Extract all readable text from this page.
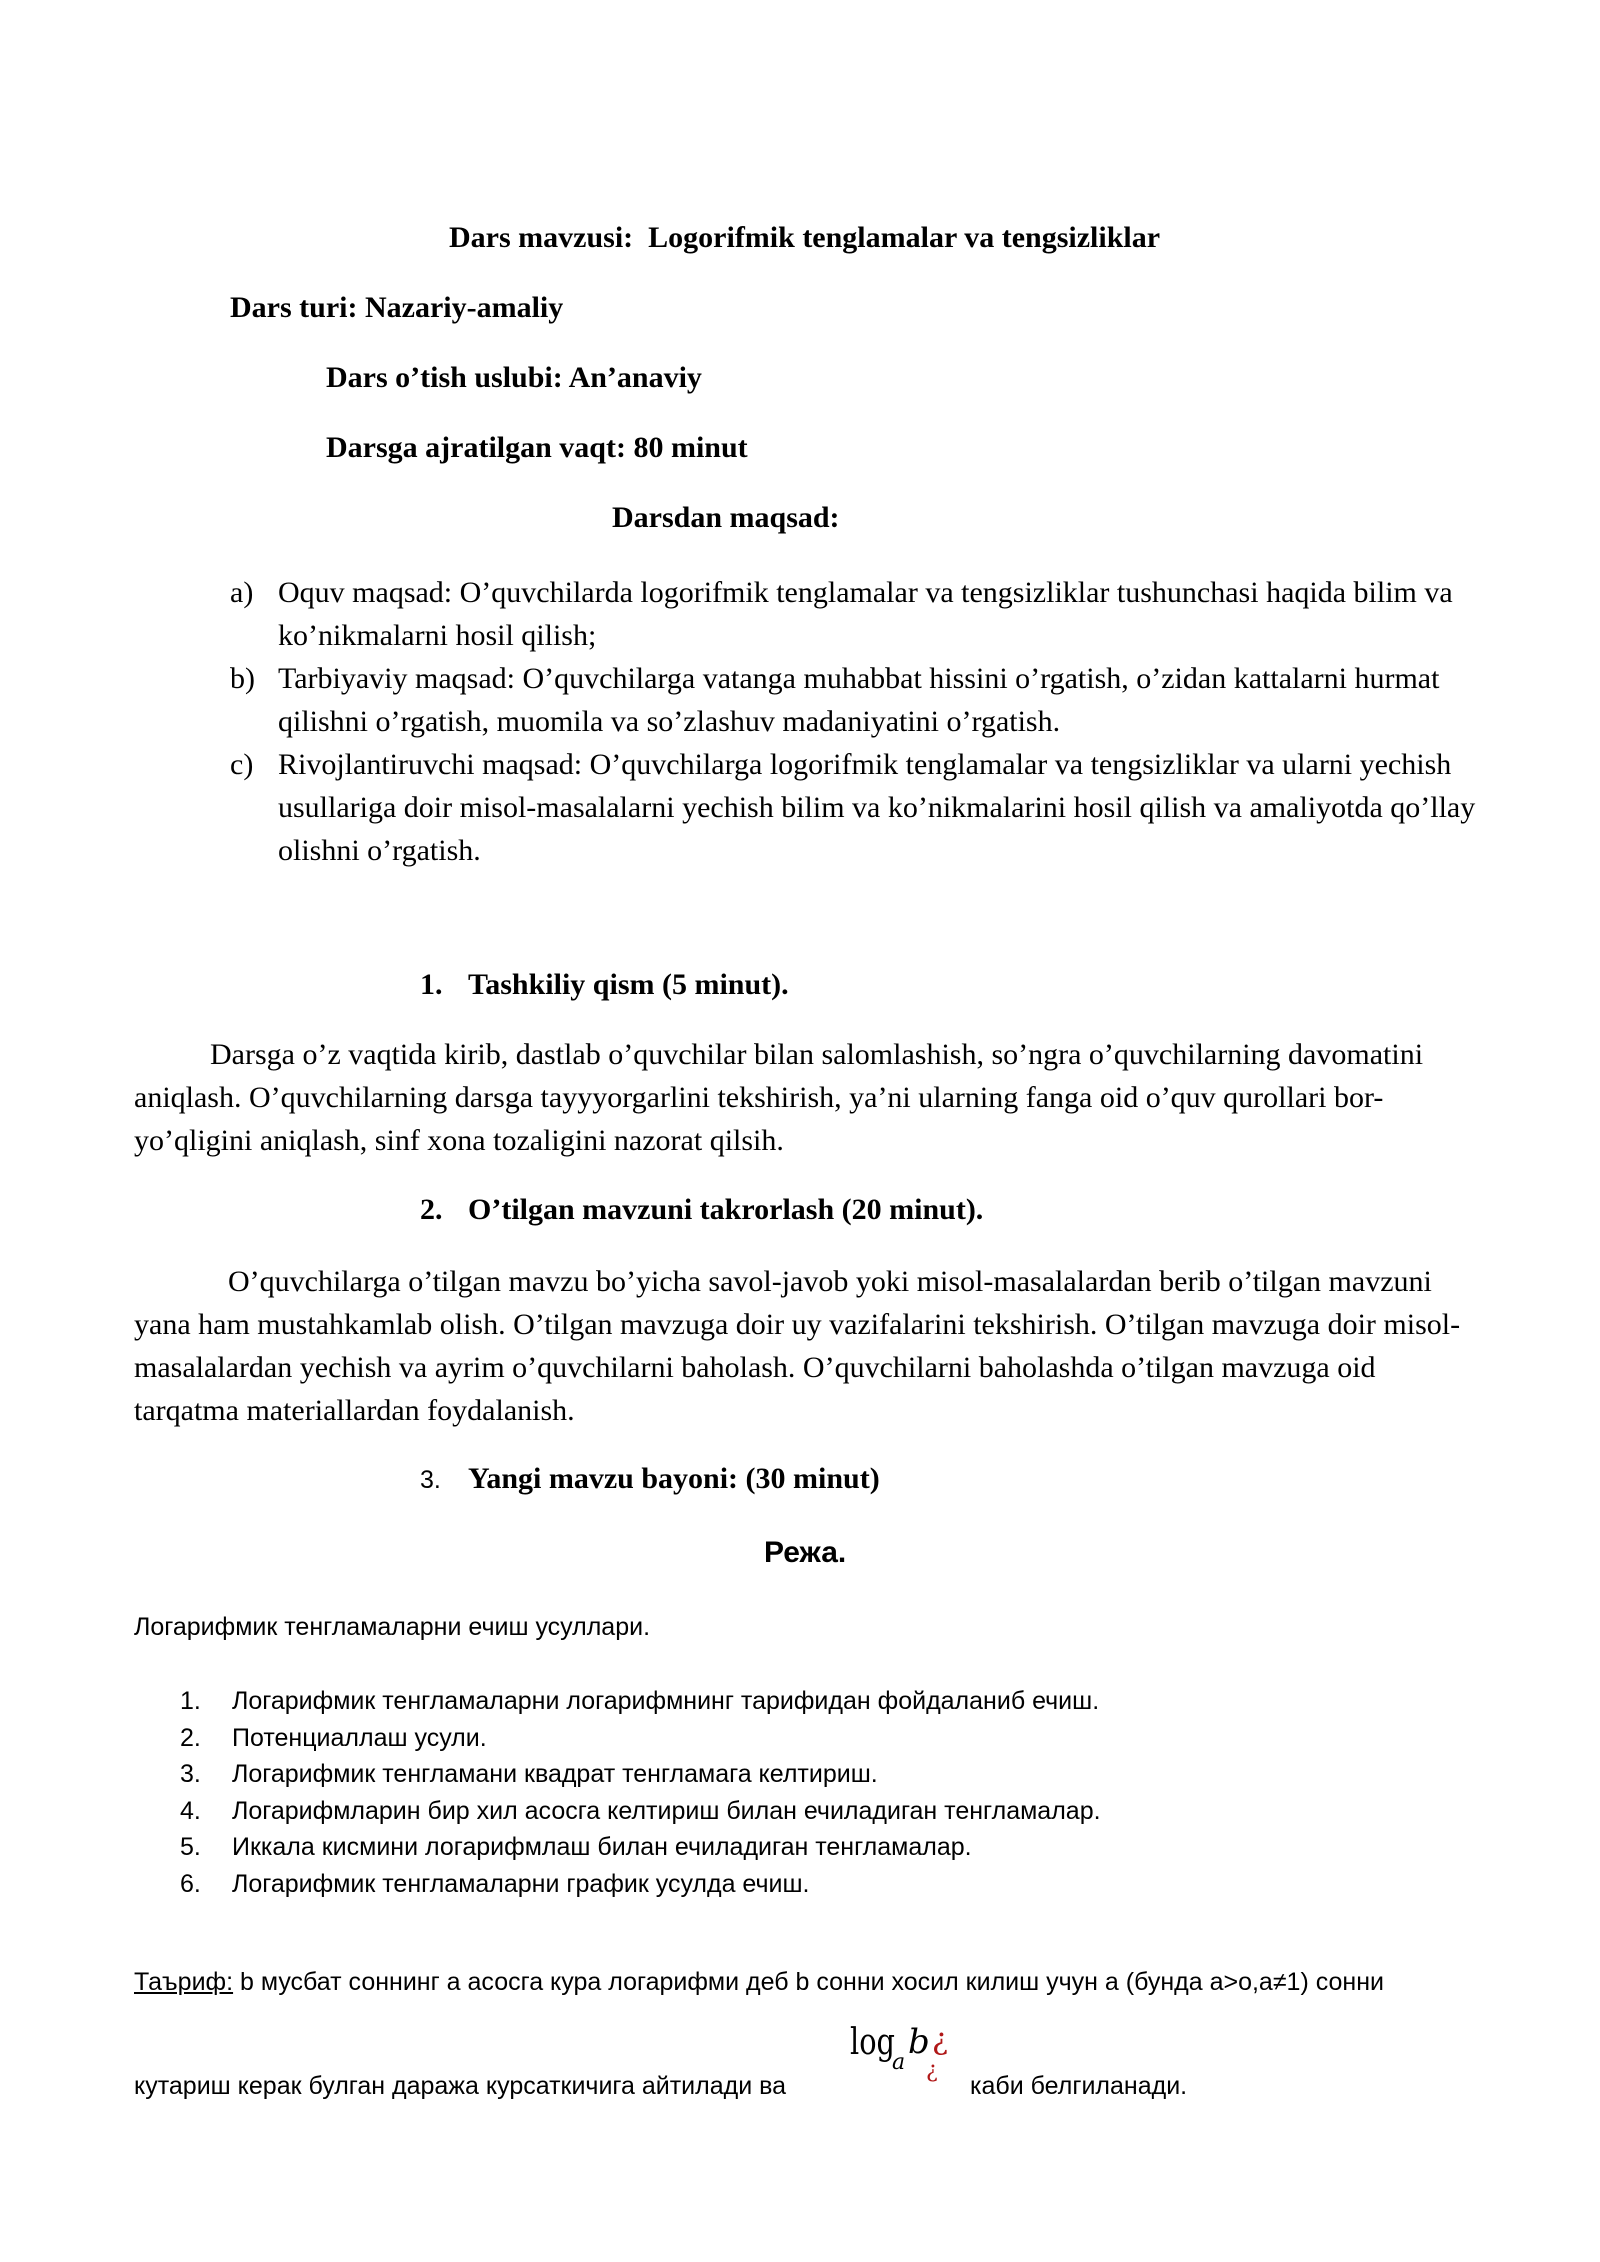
Dars mavzusi: Logorifmik tenglamalar va tengsizliklar
Dars turi: Nazariy-amaliy
Dars o’tish uslubi: An’anaviy
Darsga ajratilgan vaqt: 80 minut
Darsdan maqsad:
a) Oquv maqsad: O’quvchilarda logorifmik tenglamalar va tengsizliklar tushunchasi haqida bilim va ko’nikmalarni hosil qilish;
b) Tarbiyaviy maqsad: O’quvchilarga vatanga muhabbat hissini o’rgatish, o’zidan kattalarni hurmat qilishni o’rgatish, muomila va so’zlashuv madaniyatini o’rgatish.
c) Rivojlantiruvchi maqsad: O’quvchilarga logorifmik tenglamalar va tengsizliklar va ularni yechish usullariga doir misol-masalalarni yechish bilim va ko’nikmalarini hosil qilish va amaliyotda qo’llay olishni o’rgatish.
1. Tashkiliy qism (5 minut).
Darsga o’z vaqtida kirib, dastlab o’quvchilar bilan salomlashish, so’ngra o’quvchilarning davomatini aniqlash. O’quvchilarning darsga tayyyorgarlini tekshirish, ya’ni ularning fanga oid o’quv qurollari bor-yo’qligini aniqlash, sinf xona tozaligini nazorat qilsih.
2. O’tilgan mavzuni takrorlash (20 minut).
O’quvchilarga o’tilgan mavzu bo’yicha savol-javob yoki misol-masalalardan berib o’tilgan mavzuni yana ham mustahkamlab olish. O’tilgan mavzuga doir uy vazifalarini tekshirish. O’tilgan mavzuga doir misol-masalalardan yechish va ayrim o’quvchilarni baholash. O’quvchilarni baholashda o’tilgan mavzuga oid tarqatma materiallardan foydalanish.
3. Yangi mavzu bayoni: (30 minut)
Режа.
Логарифмик тенгламаларни ечиш усуллари.
1. Логарифмик тенгламаларни логарифмнинг тарифидан фойдаланиб ечиш.
2. Потенциаллаш усули.
3. Логарифмик тенгламани квадрат тенгламага келтириш.
4. Логарифмларин бир хил асосга келтириш билан ечиладиган тенгламалар.
5. Иккала кисмини логарифмлаш билан ечиладиган тенгламалар.
6. Логарифмик тенгламаларни график усулда ечиш.
Таъриф: b мусбат соннинг а асосга кура логарифми деб b сонни хосил килиш учун а (бунда а>о,а≠1) сонни
кутариш керак булган даража курсаткичига айтилади ва
log
a
b ¿
¿
каби белгиланади.
